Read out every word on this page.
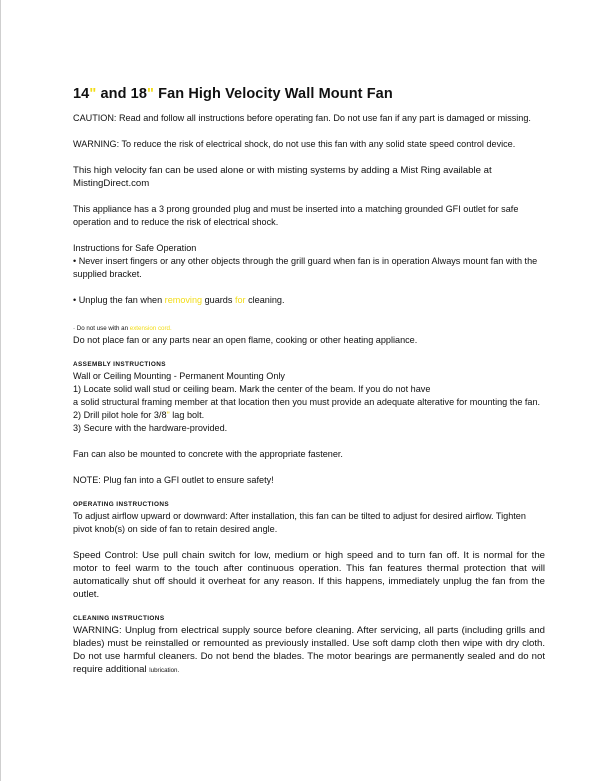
14" and 18" Fan High Velocity Wall Mount Fan

CAUTION: Read and follow all instructions before operating fan. Do not use fan if any part is damaged or missing.

WARNING: To reduce the risk of electrical shock, do not use this fan with any solid state speed control device.

This high velocity fan can be used alone or with misting systems by adding a Mist Ring available at MistingDirect.com

This appliance has a 3 prong grounded plug and must be inserted into a matching grounded GFI outlet for safe operation and to reduce the risk of electrical shock.

Instructions for Safe Operation

• Never insert fingers or any other objects through the grill guard when fan is in operation Always mount fan with the supplied bracket.

• Unplug the fan when removing guards for cleaning.

· Do not use with an extension cord.

Do not place fan or any parts near an open flame, cooking or other heating appliance.

ASSEMBLY INSTRUCTIONS

Wall or Ceiling Mounting - Permanent Mounting Only

1) Locate solid wall stud or ceiling beam. Mark the center of the beam. If you do not have

a solid structural framing member at that location then you must provide an adequate alterative for mounting the fan.

2) Drill pilot hole for 3/8" lag bolt.

3) Secure with the hardware-provided.

Fan can also be mounted to concrete with the appropriate fastener.

NOTE: Plug fan into a GFI outlet to ensure safety!

OPERATING INSTRUCTIONS

To adjust airflow upward or downward: After installation, this fan can be tilted to adjust for desired airflow. Tighten pivot knob(s) on side of fan to retain desired angle.

Speed Control: Use pull chain switch for low, medium or high speed and to turn fan off. It is normal for the motor to feel warm to the touch after continuous operation. This fan features thermal protection that will automatically shut off should it overheat for any reason. If this happens, immediately unplug the fan from the outlet.

CLEANING INSTRUCTIONS

WARNING: Unplug from electrical supply source before cleaning. After servicing, all parts (including grills and blades) must be reinstalled or remounted as previously installed. Use soft damp cloth then wipe with dry cloth. Do not use harmful cleaners. Do not bend the blades. The motor bearings are permanently sealed and do not require additional lubrication.
